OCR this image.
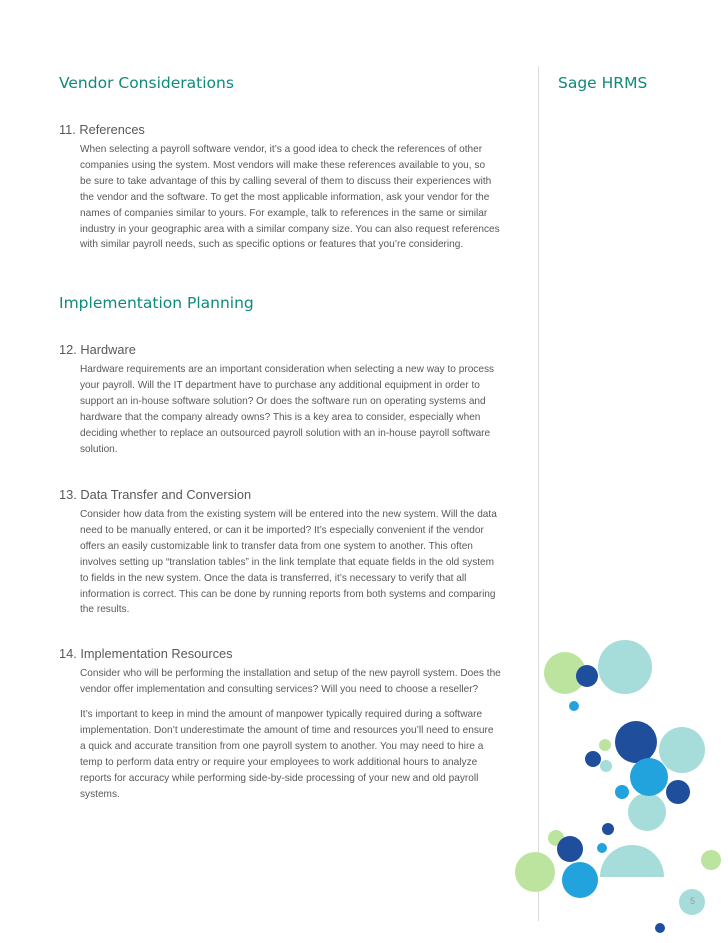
Vendor Considerations	Sage HRMS
11. References
When selecting a payroll software vendor, it’s a good idea to check the references of other
companies using the system. Most vendors will make these references available to you, so
be sure to take advantage of this by calling several of them to discuss their experiences with
the vendor and the software. To get the most applicable information, ask your vendor for the
names of companies similar to yours. For example, talk to references in the same or similar
industry in your geographic area with a similar company size. You can also request references
with similar payroll needs, such as specific options or features that you’re considering.
Implementation Planning
12. Hardware
Hardware requirements are an important consideration when selecting a new way to process
your payroll. Will the IT department have to purchase any additional equipment in order to
support an in-house software solution? Or does the software run on operating systems and
hardware that the company already owns? This is a key area to consider, especially when
deciding whether to replace an outsourced payroll solution with an in-house payroll software
solution.
13. Data Transfer and Conversion
Consider how data from the existing system will be entered into the new system. Will the data
need to be manually entered, or can it be imported? It’s especially convenient if the vendor
offers an easily customizable link to transfer data from one system to another. This often
involves setting up “translation tables” in the link template that equate fields in the old system
to fields in the new system. Once the data is transferred, it’s necessary to verify that all
information is correct. This can be done by running reports from both systems and comparing
the results.
14. Implementation Resources
Consider who will be performing the installation and setup of the new payroll system. Does the
vendor offer implementation and consulting services? Will you need to choose a reseller?
It’s important to keep in mind the amount of manpower typically required during a software
implementation. Don’t underestimate the amount of time and resources you’ll need to ensure
a quick and accurate transition from one payroll system to another. You may need to hire a
temp to perform data entry or require your employees to work additional hours to analyze
reports for accuracy while performing side-by-side processing of your new and old payroll
systems.
5
